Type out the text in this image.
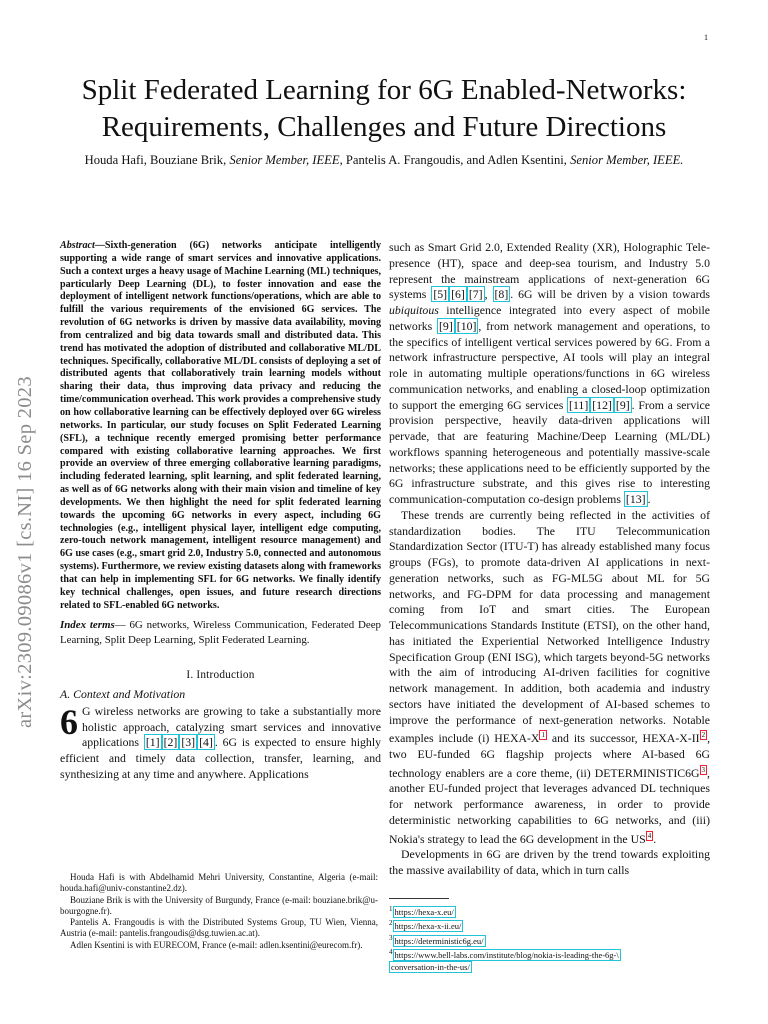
1
arXiv:2309.09086v1 [cs.NI] 16 Sep 2023
Split Federated Learning for 6G Enabled-Networks:
Requirements, Challenges and Future Directions
Houda Hafi, Bouziane Brik, Senior Member, IEEE, Pantelis A. Frangoudis, and Adlen Ksentini, Senior Member, IEEE.

Abstract—Sixth-generation (6G) networks anticipate intelligently supporting a wide range of smart services and innovative applications. Such a context urges a heavy usage of Machine Learning (ML) techniques, particularly Deep Learning (DL), to foster innovation and ease the deployment of intelligent network functions/operations, which are able to fulfill the various requirements of the envisioned 6G services. The revolution of 6G networks is driven by massive data availability, moving from centralized and big data towards small and distributed data. This trend has motivated the adoption of distributed and collaborative ML/DL techniques. Specifically, collaborative ML/DL consists of deploying a set of distributed agents that collaboratively train learning models without sharing their data, thus improving data privacy and reducing the time/communication overhead. This work provides a comprehensive study on how collaborative learning can be effectively deployed over 6G wireless networks. In particular, our study focuses on Split Federated Learning (SFL), a technique recently emerged promising better performance compared with existing collaborative learning approaches. We first provide an overview of three emerging collaborative learning paradigms, including federated learning, split learning, and split federated learning, as well as of 6G networks along with their main vision and timeline of key developments. We then highlight the need for split federated learning towards the upcoming 6G networks in every aspect, including 6G technologies (e.g., intelligent physical layer, intelligent edge computing, zero-touch network management, intelligent resource management) and 6G use cases (e.g., smart grid 2.0, Industry 5.0, connected and autonomous systems). Furthermore, we review existing datasets along with frameworks that can help in implementing SFL for 6G networks. We finally identify key technical challenges, open issues, and future research directions related to SFL-enabled 6G networks.

Index terms— 6G networks, Wireless Communication, Federated Deep Learning, Split Deep Learning, Split Federated Learning.

I. Introduction
A. Context and Motivation

6 G wireless networks are growing to take a substantially more holistic approach, catalyzing smart services and innovative applications [1] [2] [3] [4] . 6G is expected to ensure highly efficient and timely data collection, transfer, learning, and synthesizing at any time and anywhere. Applications

Houda Hafi is with Abdelhamid Mehri University, Constantine, Algeria (e-mail: houda.hafi@univ-constantine2.dz).

Bouziane Brik is with the University of Burgundy, France (e-mail: bouziane.brik@u-bourgogne.fr).

Pantelis A. Frangoudis is with the Distributed Systems Group, TU Wien, Vienna, Austria (e-mail: pantelis.frangoudis@dsg.tuwien.ac.at).

Adlen Ksentini is with EURECOM, France (e-mail: adlen.ksentini@eurecom.fr).

such as Smart Grid 2.0, Extended Reality (XR), Holographic Tele-presence (HT), space and deep-sea tourism, and Industry 5.0 represent the mainstream applications of next-generation 6G systems [5] [6] [7] , [8] . 6G will be driven by a vision towards ubiquitous intelligence integrated into every aspect of mobile networks [9] [10] , from network management and operations, to the specifics of intelligent vertical services powered by 6G. From a network infrastructure perspective, AI tools will play an integral role in automating multiple operations/functions in 6G wireless communication networks, and enabling a closed-loop optimization to support the emerging 6G services [11] [12] [9] . From a service provision perspective, heavily data-driven applications will pervade, that are featuring Machine/Deep Learning (ML/DL) workflows spanning heterogeneous and potentially massive-scale networks; these applications need to be efficiently supported by the 6G infrastructure substrate, and this gives rise to interesting communication-computation co-design problems [13] .

These trends are currently being reflected in the activities of standardization bodies. The ITU Telecommunication Standardization Sector (ITU-T) has already established many focus groups (FGs), to promote data-driven AI applications in next-generation networks, such as FG-ML5G about ML for 5G networks, and FG-DPM for data processing and management coming from IoT and smart cities. The European Telecommunications Standards Institute (ETSI), on the other hand, has initiated the Experiential Networked Intelligence Industry Specification Group (ENI ISG), which targets beyond-5G networks with the aim of introducing AI-driven facilities for cognitive network management. In addition, both academia and industry sectors have initiated the development of AI-based schemes to improve the performance of next-generation networks. Notable examples include (i) HEXA-X $^1$ and its successor, HEXA-X-II $^2$ , two EU-funded 6G flagship projects where AI-based 6G technology enablers are a core theme, (ii) DETERMINISTIC6G $^3$ , another EU-funded project that leverages advanced DL techniques for network performance awareness, in order to provide deterministic networking capabilities to 6G networks, and (iii) Nokia's strategy to lead the 6G development in the US $^4$ .

Developments in 6G are driven by the trend towards exploiting the massive availability of data, which in turn calls

$^1$ https://hexa-x.eu/
$^2$ https://hexa-x-ii.eu/
$^3$ https://deterministic6g.eu/
$^4$ https://www.bell-labs.com/institute/blog/nokia-is-leading-the-6g-\
conversation-in-the-us/
